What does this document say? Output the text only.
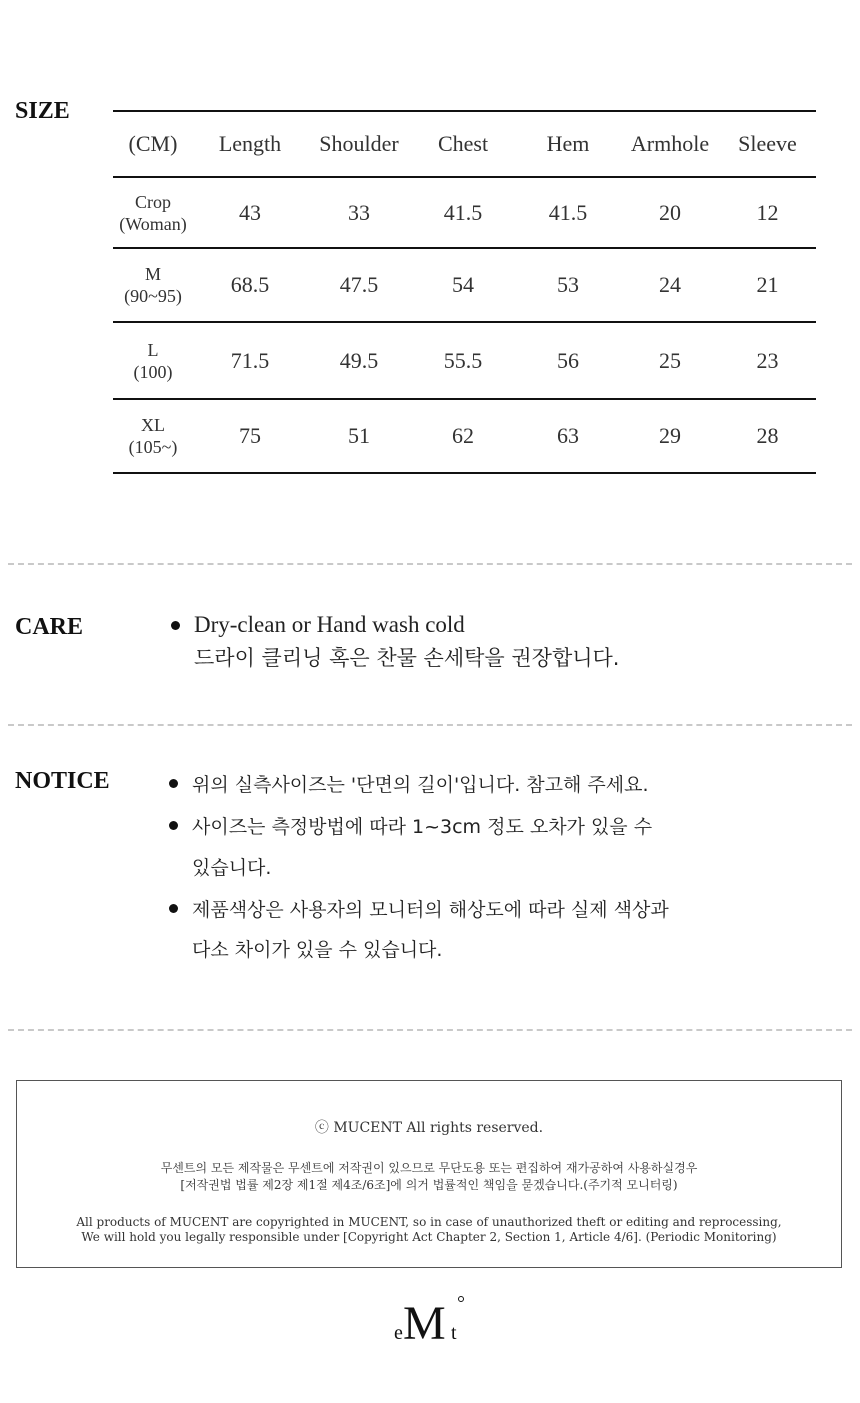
SIZE
(CM)	Length	Shoulder	Chest	Hem	Armhole	Sleeve

Crop
(Woman)	43	33	41.5	41.5	20	12

M
(90~95)	68.5	47.5	54	53	24	21

L
(100)	71.5	49.5	55.5	56	25	23

XL
(105~)	75	51	62	63	29	28
CARE	Dry-clean or Hand wash cold
드라이 클리닝 혹은 찬물 손세탁을 권장합니다.
NOTICE	위의 실측사이즈는 '단면의 길이'입니다. 참고해 주세요.
사이즈는 측정방법에 따라 1~3cm 정도 오차가 있을 수
있습니다.
제품색상은 사용자의 모니터의 해상도에 따라 실제 색상과
다소 차이가 있을 수 있습니다.
ⓒ MUCENT All rights reserved.
무센트의 모든 제작물은 무센트에 저작권이 있으므로 무단도용 또는 편집하여 재가공하여 사용하실경우
[저작권법 법률 제2장 제1절 제4조/6조]에 의거 법률적인 책임을 묻겠습니다.(주기적 모니터링)
All products of MUCENT are copyrighted in MUCENT, so in case of unauthorized theft or editing and reprocessing,
We will hold you legally responsible under [Copyright Act Chapter 2, Section 1, Article 4/6]. (Periodic Monitoring)
e M t
